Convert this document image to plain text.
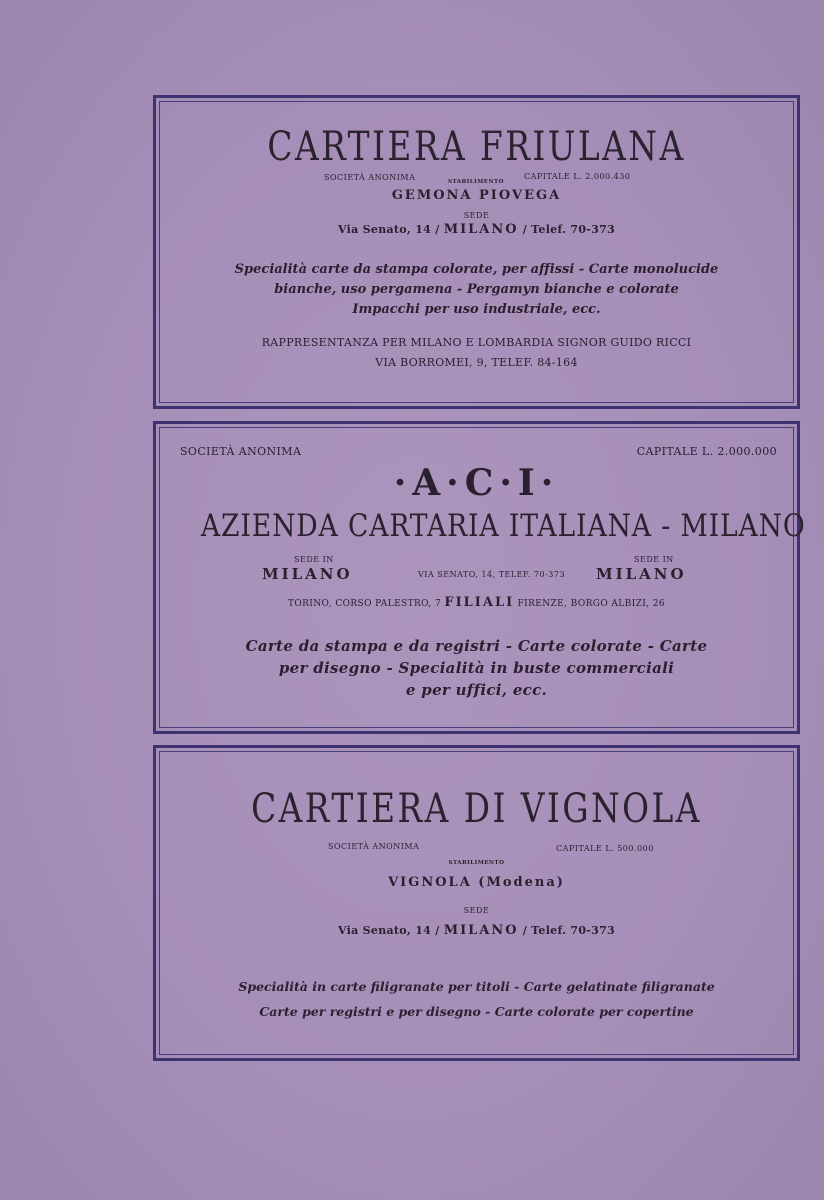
CARTIERA FRIULANA
SOCIETÀ ANONIMA	STABILIMENTO
CAPITALE L. 2.000.430
GEMONA PIOVEGA
SEDE
Via Senato, 14 / MILANO / Telef. 70-373
Specialità carte da stampa colorate, per affissi - Carte monolucide
bianche, uso pergamena - Pergamyn bianche e colorate
Impacchi per uso industriale, ecc.
RAPPRESENTANZA PER MILANO E LOMBARDIA SIGNOR GUIDO RICCI
VIA BORROMEI, 9, TELEF. 84-164
SOCIETÀ ANONIMA	CAPITALE L. 2.000.000
·A·C·I·
AZIENDA CARTARIA ITALIANA - MILANO
SEDE IN
MILANO	VIA SENATO, 14, TELEF. 70-373
SEDE IN
MILANO
TORINO, CORSO PALESTRO, 7 FILIALI FIRENZE, BORGO ALBIZI, 26
Carte da stampa e da registri - Carte colorate - Carte
per disegno - Specialità in buste commerciali
e per uffici, ecc.
CARTIERA DI VIGNOLA
SOCIETÀ ANONIMA	CAPITALE L. 500.000
STABILIMENTO
VIGNOLA (Modena)
SEDE
Via Senato, 14 / MILANO / Telef. 70-373
Specialità in carte filigranate per titoli - Carte gelatinate filigranate
Carte per registri e per disegno - Carte colorate per copertine
